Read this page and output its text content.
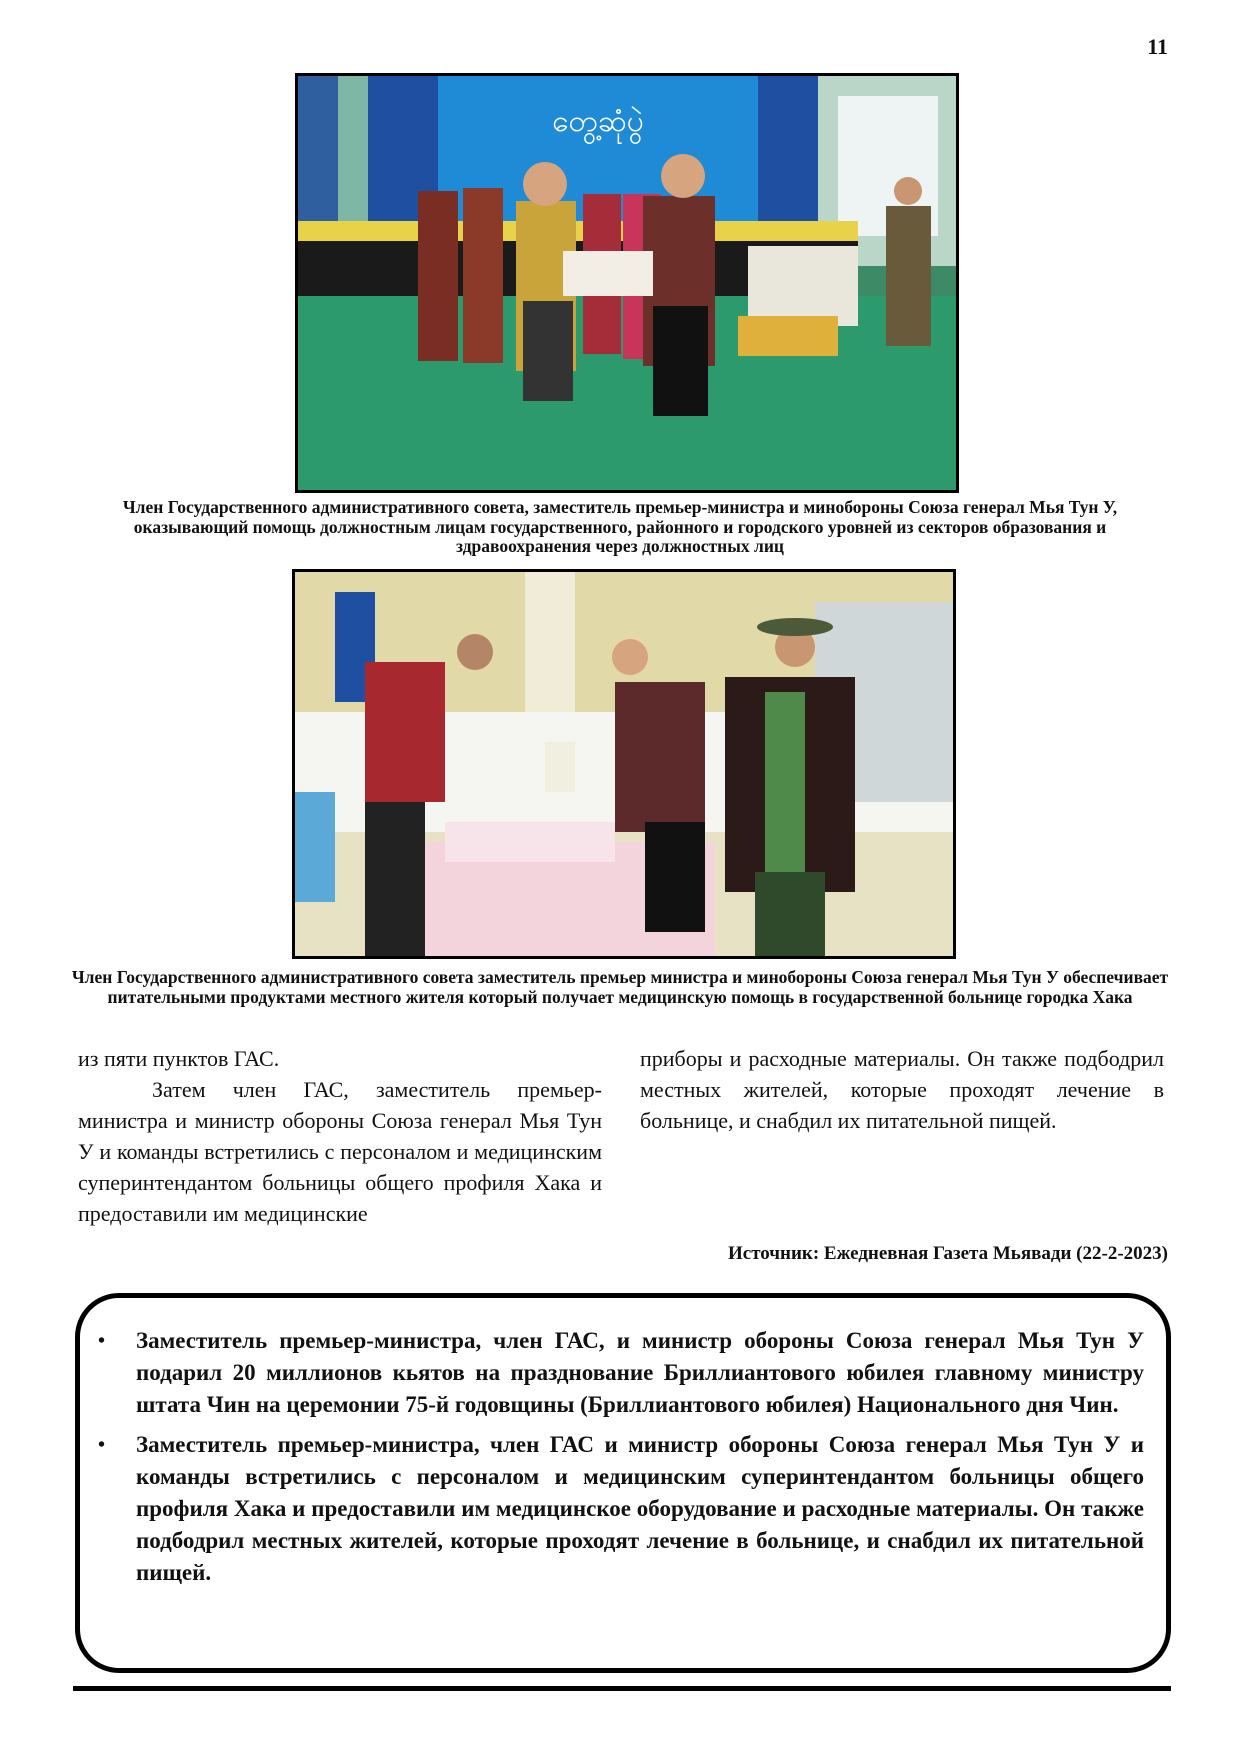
11
တွေ့ဆုံပွဲ
Член Государственного административного совета, заместитель премьер-министра и минобороны Союза генерал Мья Тун У, оказывающий помощь должностным лицам государственного, районного и городского уровней из секторов образования и здравоохранения через должностных лиц
Член Государственного административного совета заместитель премьер министра и минобороны Союза генерал Мья Тун У обеспечивает питательными продуктами местного жителя который получает медицинскую помощь в государственной больнице городка Хака

из пяти пунктов ГАС.

Затем член ГАС, заместитель премьер-министра и министр обороны Союза генерал Мья Тун У и команды встретились с персоналом и медицинским суперинтендантом больницы общего профиля Хака и предоставили им медицинские

приборы и расходные материалы. Он также подбодрил местных жителей, которые проходят лечение в больнице, и снабдил их питательной пищей.

Источник: Ежедневная Газета Мьявади (22-2-2023)
• Заместитель премьер-министра, член ГАС, и министр обороны Союза генерал Мья Тун У подарил 20 миллионов кьятов на празднование Бриллиантового юбилея главному министру штата Чин на церемонии 75-й годовщины (Бриллиантового юбилея) Национального дня Чин.
• Заместитель премьер-министра, член ГАС и министр обороны Союза генерал Мья Тун У и команды встретились с персоналом и медицинским суперинтендантом больницы общего профиля Хака и предоставили им медицинское оборудование и расходные материалы. Он также подбодрил местных жителей, которые проходят лечение в больнице, и снабдил их питательной пищей.
